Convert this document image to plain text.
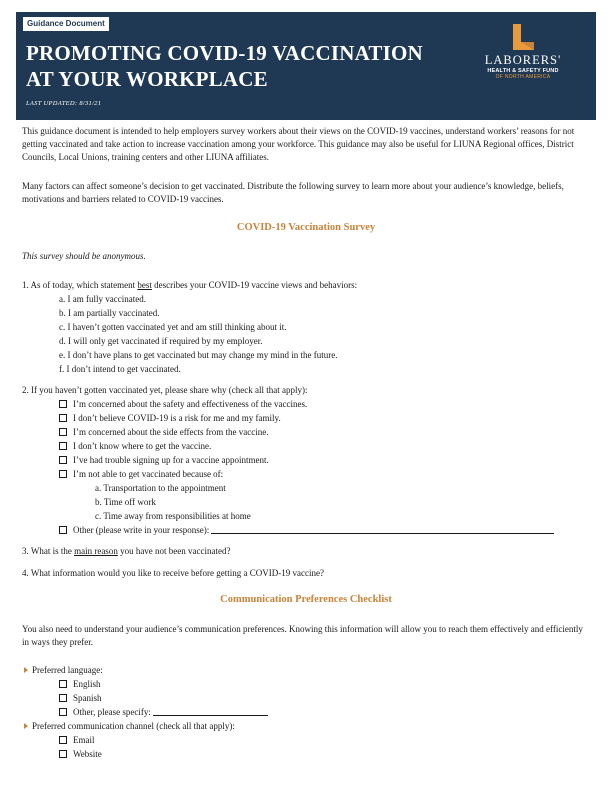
Guidance Document
PROMOTING COVID-19 VACCINATION
AT YOUR WORKPLACE
LAST UPDATED: 8/31/21
LABORERS'
HEALTH & SAFETY FUND
OF NORTH AMERICA
This guidance document is intended to help employers survey workers about their views on the COVID-19 vaccines, understand workers’ reasons for not getting vaccinated and take action to increase vaccination among your workforce. This guidance may also be useful for LIUNA Regional offices, District Councils, Local Unions, training centers and other LIUNA affiliates.
Many factors can affect someone’s decision to get vaccinated. Distribute the following survey to learn more about your audience’s knowledge, beliefs, motivations and barriers related to COVID-19 vaccines.
COVID-19 Vaccination Survey
This survey should be anonymous.
1. As of today, which statement best describes your COVID-19 vaccine views and behaviors:
a. I am fully vaccinated.
b. I am partially vaccinated.
c. I haven’t gotten vaccinated yet and am still thinking about it.
d. I will only get vaccinated if required by my employer.
e. I don’t have plans to get vaccinated but may change my mind in the future.
f. I don’t intend to get vaccinated.
2. If you haven’t gotten vaccinated yet, please share why (check all that apply):
I’m concerned about the safety and effectiveness of the vaccines.
I don’t believe COVID-19 is a risk for me and my family.
I’m concerned about the side effects from the vaccine.
I don’t know where to get the vaccine.
I’ve had trouble signing up for a vaccine appointment.
I’m not able to get vaccinated because of:
a. Transportation to the appointment
b. Time off work
c. Time away from responsibilities at home
Other (please write in your response):
3. What is the main reason you have not been vaccinated?
4. What information would you like to receive before getting a COVID-19 vaccine?
Communication Preferences Checklist
You also need to understand your audience’s communication preferences. Knowing this information will allow you to reach them effectively and efficiently in ways they prefer.
Preferred language:
English
Spanish
Other, please specify:
Preferred communication channel (check all that apply):
Email
Website
